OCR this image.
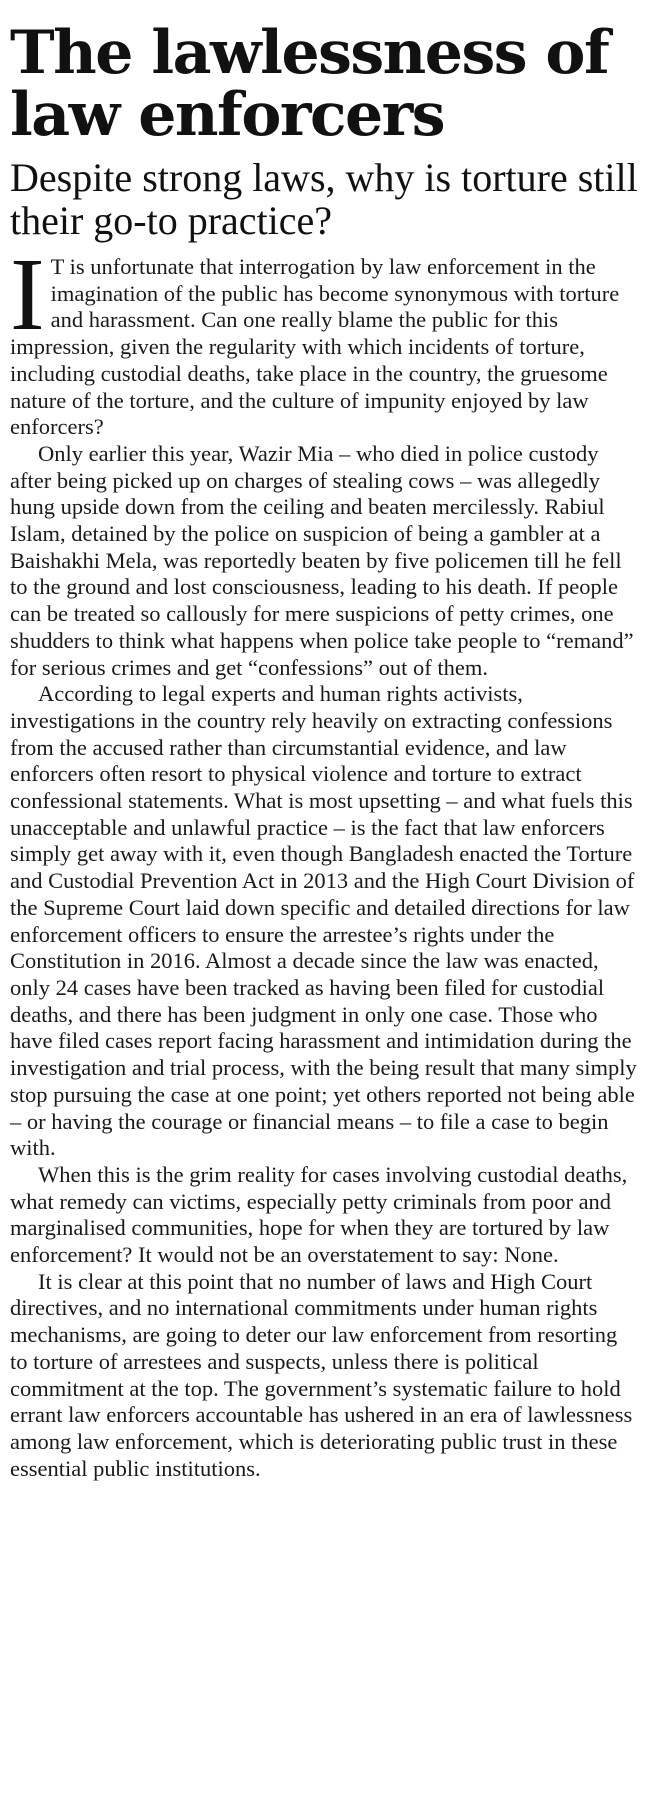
The lawlessness of law enforcers
Despite strong laws, why is torture still their go-to practice?

I T is unfortunate that interrogation by law enforcement in the imagination of the public has become synonymous with torture and harassment. Can one really blame the public for this impression, given the regularity with which incidents of torture, including custodial deaths, take place in the country, the gruesome nature of the torture, and the culture of impunity enjoyed by law enforcers?

Only earlier this year, Wazir Mia – who died in police custody after being picked up on charges of stealing cows – was allegedly hung upside down from the ceiling and beaten mercilessly. Rabiul Islam, detained by the police on suspicion of being a gambler at a Baishakhi Mela, was reportedly beaten by five policemen till he fell to the ground and lost consciousness, leading to his death. If people can be treated so callously for mere suspicions of petty crimes, one shudders to think what happens when police take people to “remand” for serious crimes and get “confessions” out of them.

According to legal experts and human rights activists, investigations in the country rely heavily on extracting confessions from the accused rather than circumstantial evidence, and law enforcers often resort to physical violence and torture to extract confessional statements. What is most upsetting – and what fuels this unacceptable and unlawful practice – is the fact that law enforcers simply get away with it, even though Bangladesh enacted the Torture and Custodial Prevention Act in 2013 and the High Court Division of the Supreme Court laid down specific and detailed directions for law enforcement officers to ensure the arrestee’s rights under the Constitution in 2016. Almost a decade since the law was enacted, only 24 cases have been tracked as having been filed for custodial deaths, and there has been judgment in only one case. Those who have filed cases report facing harassment and intimidation during the investigation and trial process, with the being result that many simply stop pursuing the case at one point; yet others reported not being able – or having the courage or financial means – to file a case to begin with.

When this is the grim reality for cases involving custodial deaths, what remedy can victims, especially petty criminals from poor and marginalised communities, hope for when they are tortured by law enforcement? It would not be an overstatement to say: None.

It is clear at this point that no number of laws and High Court directives, and no international commitments under human rights mechanisms, are going to deter our law enforcement from resorting to torture of arrestees and suspects, unless there is political commitment at the top. The government’s systematic failure to hold errant law enforcers accountable has ushered in an era of lawlessness among law enforcement, which is deteriorating public trust in these essential public institutions.
